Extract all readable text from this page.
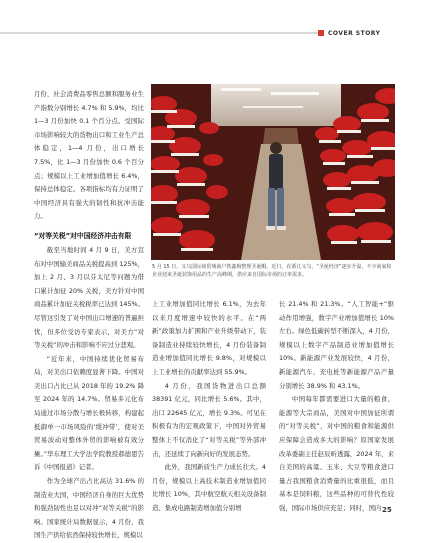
COVER STORY

月份，社会消费品零售总额和服务业生产指数分别增长 4.7% 和 5.9%，均比 1—3 月份加快 0.1 个百分点。受国际市场影响较大的货物出口和工业生产总体稳定，1—4 月份，出口增长 7.5%，比 1—3 月份加快 0.6 个百分点；规模以上工业增加值增长 6.4%，保持总体稳定。各项指标均有力证明了中国经济具有强大的韧性和抗冲击能力。

“对等关税”对中国经济冲击有限

截至当地时间 4 月 9 日，美方宣布对中国输美商品关税提高到 125%，加上 2 月、3 月以芬太尼等问题为借口累计加征 20% 关税，美方针对中国商品累计加征关税税率已达到 145%。尽管这引发了对中国出口增速的普遍担忧，但多位受访专家表示，对美方“对等关税”的冲击和影响不应过分悲观。

“近年来，中国持续优化贸易布局，对美出口依赖度显著下降。中国对美出口占比已从 2018 年的 19.2% 降至 2024 年的 14.7%。贸易多元化布局通过市场分散与增长极转移，构建起抵御单一市场风险的‘缓冲带’，使对美贸易波动对整体外贸的影响被有效分摊。”华东理工大学法学院教授郝德恩告诉《中国报道》记者。

作为全球产出占比高达 31.6% 的制造业大国，中国经济自身的巨大优势和强劲韧性也足以对冲“对等关税”的影响。国家统计局数据显示，4 月份，我国生产供给依然保持较快增长，规模以

5 月 15 日，义乌国际商贸城商户铁鑫梅整理圣诞帽。近日，在浙江义乌，“圣诞经济”逐步升温，不少商家和企业迎来圣诞装饰用品的生产高峰期，供应来自国际市场的订单需求。

上工业增加值同比增长 6.1%，为去年以来月度增速中较快的水平。在“两新”政策加力扩围和产业升级带动下，装备制造业持续较快增长，4 月份装备制造业增加值同比增长 9.8%，对规模以上工业增长的贡献率达到 55.9%。

4 月份，我国货物进出口总额 38391 亿元，同比增长 5.6%。其中，出口 22645 亿元，增长 9.3%。可见在积极有为的宏观政策下，中国对外贸易整体上不仅消化了“对等关税”等外部冲击，还延续了向新向好的发展态势。

此外，我国新质生产力成长壮大。4 月份，规模以上高技术制造业增加值同比增长 10%，其中航空航天相关设备制造、集成电路制造增加值分别增

长 21.4% 和 21.3%。“人工智能+”驱动作用增强，数字产业增加值增长 10% 左右。绿色低碳转型不断深入，4 月份，规模以上数字产品制造业增加值增长 10%。新能源产业发展较快，4 月份，新能源汽车、充电桩等新能源产品产量分别增长 38.9% 和 43.1%。

中国每年都需要进口大量的粮食、能源等大宗商品，美国对中国加征所谓的“对等关税”，对中国的粮食和能源供应保障会造成多大的影响？原国家发展改革委副主任赵辰昕透露，2024 年，来自美国的高粱、玉米、大豆等粮食进口量占我国粮食消费量的比重很低，而且基本是饲料粮，这些品种的可替代性较强，国际市场供应充足；同时，国内 25
